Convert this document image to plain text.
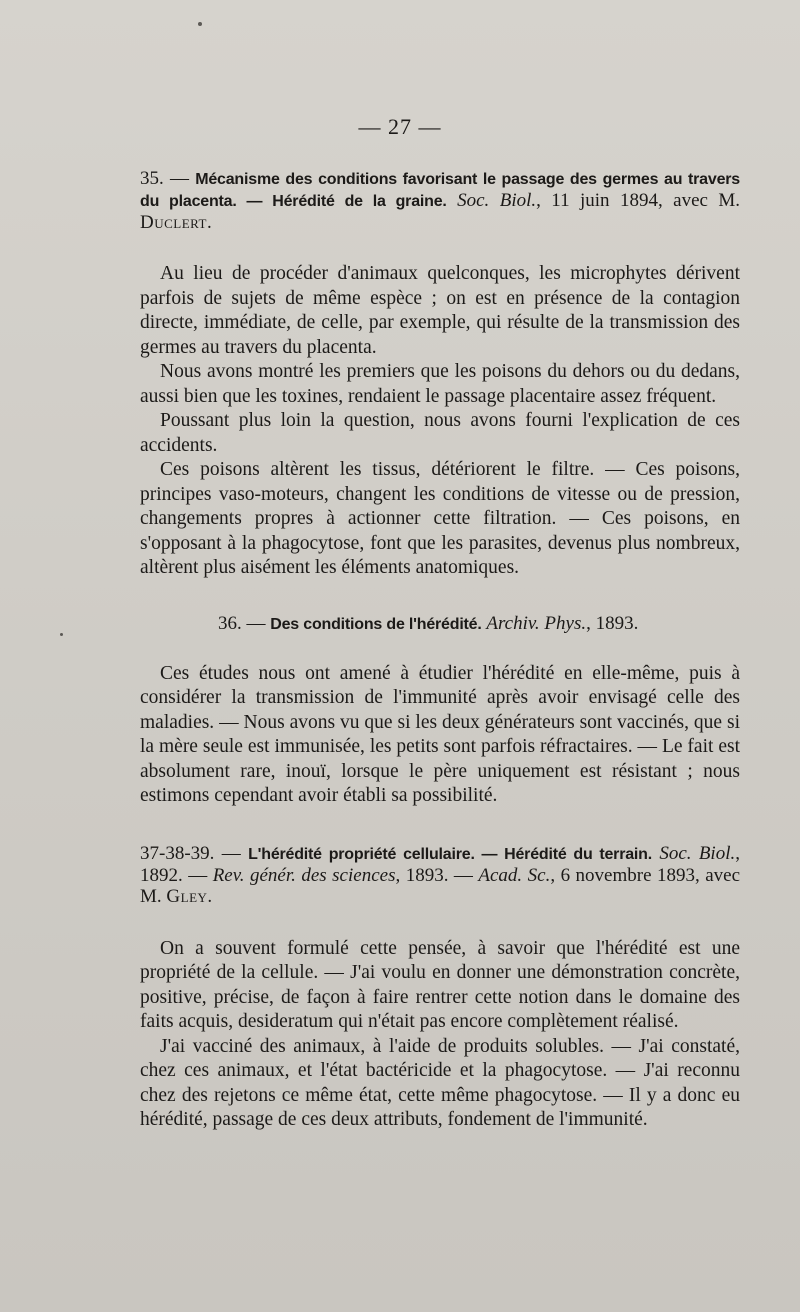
— 27 —

35. — Mécanisme des conditions favorisant le passage des germes au travers du placenta. — Hérédité de la graine. Soc. Biol., 11 juin 1894, avec M. Duclert.

Au lieu de procéder d'animaux quelconques, les microphytes dérivent parfois de sujets de même espèce ; on est en présence de la contagion directe, immédiate, de celle, par exemple, qui résulte de la transmission des germes au travers du placenta.

Nous avons montré les premiers que les poisons du dehors ou du dedans, aussi bien que les toxines, rendaient le passage placentaire assez fréquent.

Poussant plus loin la question, nous avons fourni l'explication de ces accidents.

Ces poisons altèrent les tissus, détériorent le filtre. — Ces poisons, principes vaso-moteurs, changent les conditions de vitesse ou de pression, changements propres à actionner cette filtration. — Ces poisons, en s'opposant à la phagocytose, font que les parasites, devenus plus nombreux, altèrent plus aisément les éléments anatomiques.

36. — Des conditions de l'hérédité. Archiv. Phys., 1893.

Ces études nous ont amené à étudier l'hérédité en elle-même, puis à considérer la transmission de l'immunité après avoir envisagé celle des maladies. — Nous avons vu que si les deux générateurs sont vaccinés, que si la mère seule est immunisée, les petits sont parfois réfractaires. — Le fait est absolument rare, inouï, lorsque le père uniquement est résistant ; nous estimons cependant avoir établi sa possibilité.

37-38-39. — L'hérédité propriété cellulaire. — Hérédité du terrain. Soc. Biol., 1892. — Rev. génér. des sciences, 1893. — Acad. Sc., 6 novembre 1893, avec M. Gley.

On a souvent formulé cette pensée, à savoir que l'hérédité est une propriété de la cellule. — J'ai voulu en donner une démonstration concrète, positive, précise, de façon à faire rentrer cette notion dans le domaine des faits acquis, desideratum qui n'était pas encore complètement réalisé.

J'ai vacciné des animaux, à l'aide de produits solubles. — J'ai constaté, chez ces animaux, et l'état bactéricide et la phagocytose. — J'ai reconnu chez des rejetons ce même état, cette même phagocytose. — Il y a donc eu hérédité, passage de ces deux attributs, fondement de l'immunité.
